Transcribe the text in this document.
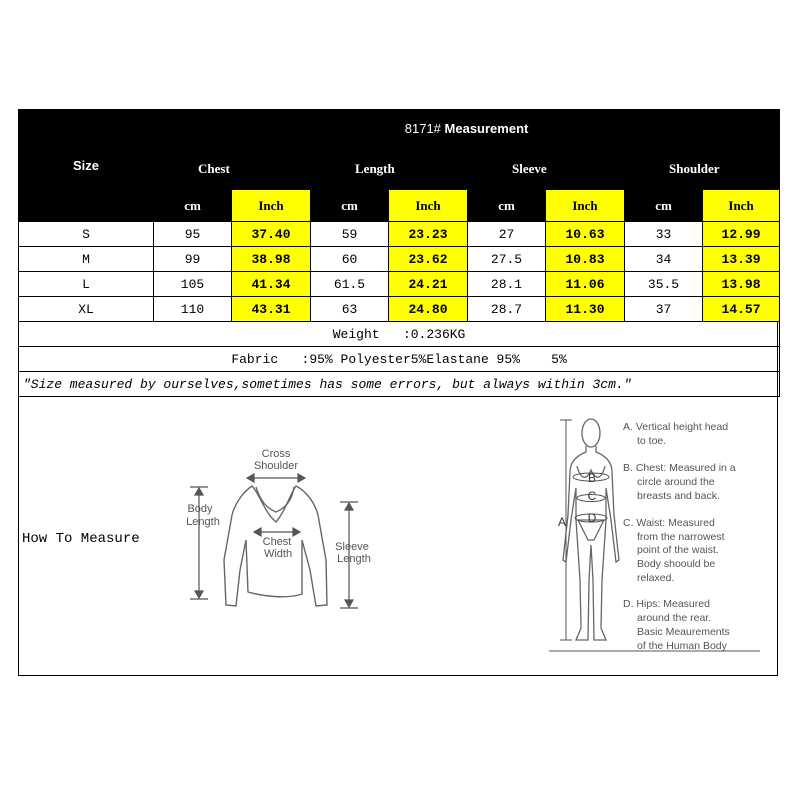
Size	8171# Measurement							
	Chest		Length		Sleeve		Shoulder	
	cm	Inch	cm	Inch	cm	Inch	cm	Inch
S	95	37.40	59	23.23	27	10.63	33	12.99
M	99	38.98	60	23.62	27.5	10.83	34	13.39
L	105	41.34	61.5	24.21	28.1	11.06	35.5	13.98
XL	110	43.31	63	24.80	28.7	11.30	37	14.57
Weight   :0.236KG								
Fabric   :95% Polyester5%Elastane 95%    5%								
"Size measured by ourselves,sometimes has some errors, but always within 3cm."								
How To Measure
Cross
Shoulder
Body
Length
Chest
Width
Sleeve
Length
A
B
C
D
A. Vertical height head
to toe.
B. Chest: Measured in a
circle around the
breasts and back.
C. Waist: Measured
from the narrowest
point of the waist.
Body shoould be
relaxed.
D. Hips: Measured
around the rear.
Basic Meaurements
of the Human Body
